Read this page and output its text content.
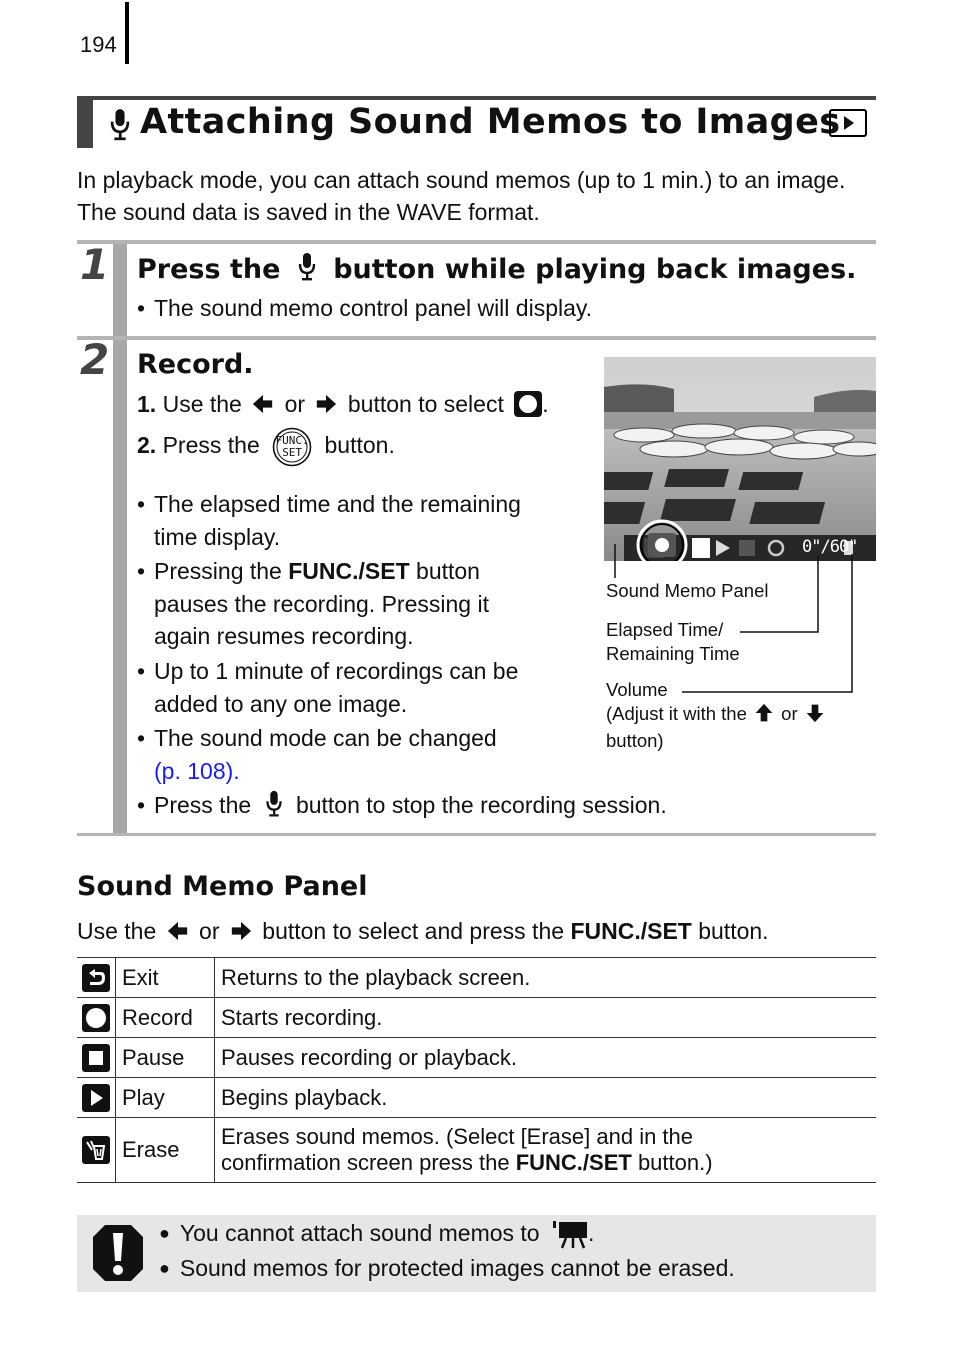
194
Attaching Sound Memos to Images
In playback mode, you can attach sound memos (up to 1 min.) to an image. The sound data is saved in the WAVE format.
1 Press the button while playing back images.
• The sound memo control panel will display.
2 Record.
1. Use the or button to select .
2. Press the	FUNC.
SET button.
• The elapsed time and the remaining
time display.
• Pressing the FUNC./SET button
pauses the recording. Pressing it
again resumes recording.
• Up to 1 minute of recordings can be
added to any one image.
• The sound mode can be changed
(p. 108).
• Press the button to stop the recording session.
0"/60"
Sound Memo Panel
Elapsed Time/
Remaining Time
Volume
(Adjust it with the or
button)
Sound Memo Panel
Use the or button to select and press the FUNC./SET button.
	Exit	Returns to the playback screen.

	Record	Starts recording.

	Pause	Pauses recording or playback.

	Play	Begins playback.

	Erase	Erases sound memos. (Select [Erase] and in the
confirmation screen press the FUNC./SET button.)
● You cannot attach sound memos to .
● Sound memos for protected images cannot be erased.
